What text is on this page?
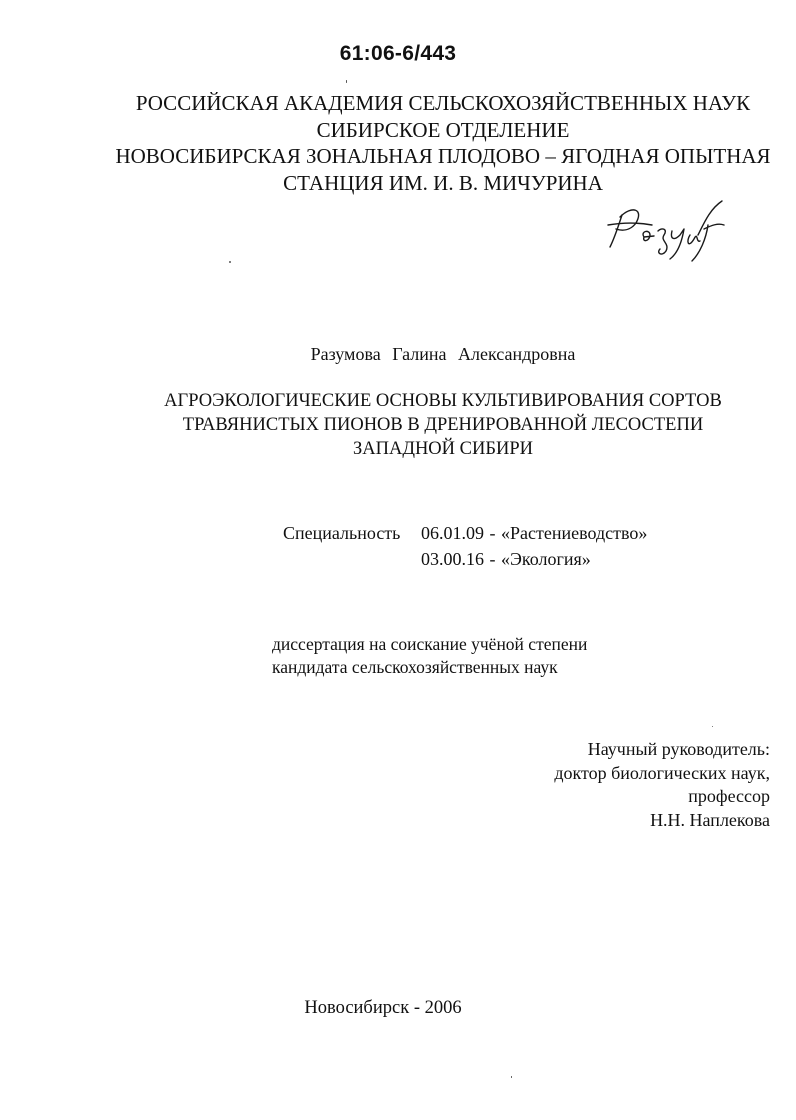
61:06-6/443
РОССИЙСКАЯ АКАДЕМИЯ СЕЛЬСКОХОЗЯЙСТВЕННЫХ НАУК
СИБИРСКОЕ ОТДЕЛЕНИЕ
НОВОСИБИРСКАЯ ЗОНАЛЬНАЯ ПЛОДОВО – ЯГОДНАЯ ОПЫТНАЯ
СТАНЦИЯ ИМ. И. В. МИЧУРИНА
Разумова Галина Александровна
АГРОЭКОЛОГИЧЕСКИЕ ОСНОВЫ КУЛЬТИВИРОВАНИЯ СОРТОВ
ТРАВЯНИСТЫХ ПИОНОВ В ДРЕНИРОВАННОЙ ЛЕСОСТЕПИ
ЗАПАДНОЙ СИБИРИ
Специальность	06.01.09 - «Растениеводство»
03.00.16 - «Экология»
диссертация на соискание учёной степени
кандидата сельскохозяйственных наук
Научный руководитель:
доктор биологических наук,
профессор
Н.Н. Наплекова
Новосибирск - 2006
